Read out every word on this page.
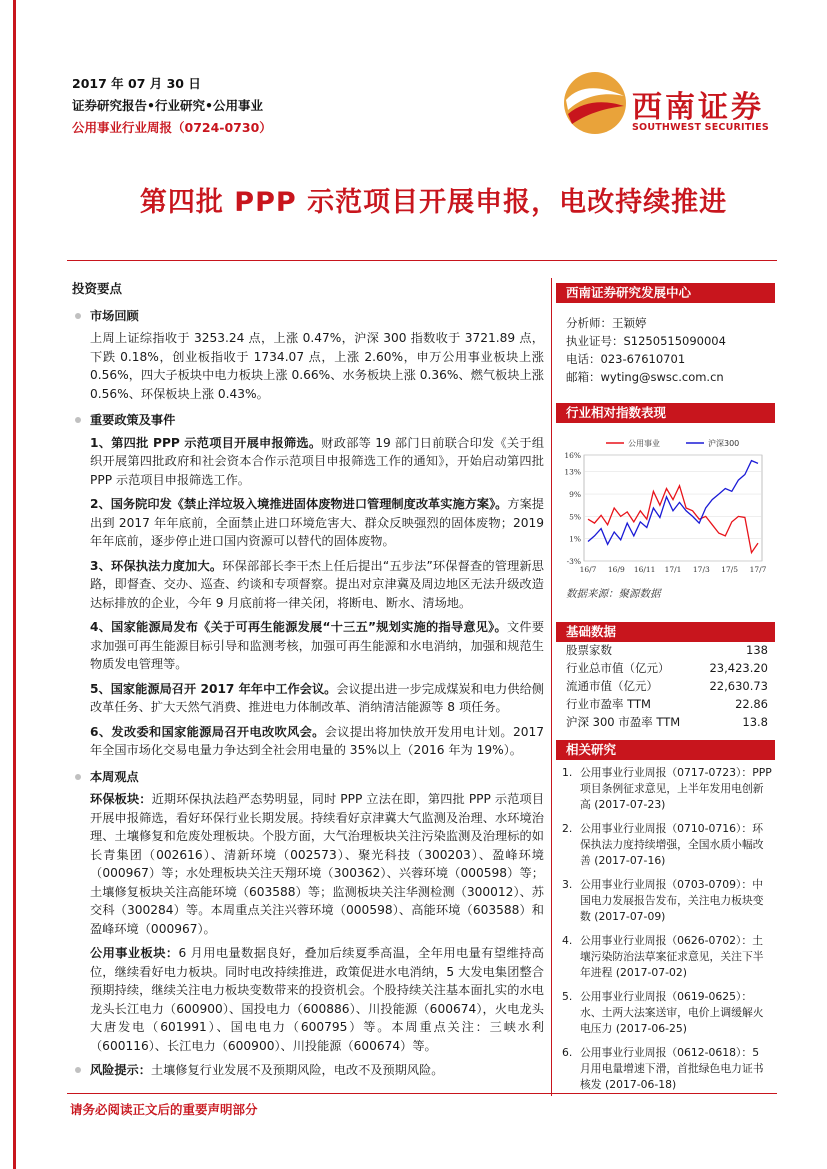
2017 年 07 月 30 日
证券研究报告•行业研究•公用事业
公用事业行业周报（0724-0730）
西南证券
SOUTHWEST SECURITIES
第四批 PPP 示范项目开展申报，电改持续推进
投资要点
市场回顾
上周上证综指收于 3253.24 点，上涨 0.47%，沪深 300 指数收于 3721.89 点，下跌 0.18%，创业板指收于 1734.07 点，上涨 2.60%，申万公用事业板块上涨 0.56%，四大子板块中电力板块上涨 0.66%、水务板块上涨 0.36%、燃气板块上涨 0.56%、环保板块上涨 0.43%。
重要政策及事件
1、第四批 PPP 示范项目开展申报筛选。财政部等 19 部门日前联合印发《关于组织开展第四批政府和社会资本合作示范项目申报筛选工作的通知》，开始启动第四批 PPP 示范项目申报筛选工作。
2、国务院印发《禁止洋垃圾入境推进固体废物进口管理制度改革实施方案》。方案提出到 2017 年年底前，全面禁止进口环境危害大、群众反映强烈的固体废物；2019 年年底前，逐步停止进口国内资源可以替代的固体废物。
3、环保执法力度加大。环保部部长李干杰上任后提出“五步法”环保督查的管理新思路，即督查、交办、巡查、约谈和专项督察。提出对京津冀及周边地区无法升级改造达标排放的企业，今年 9 月底前将一律关闭，将断电、断水、清场地。
4、国家能源局发布《关于可再生能源发展“十三五”规划实施的指导意见》。文件要求加强可再生能源目标引导和监测考核，加强可再生能源和水电消纳，加强和规范生物质发电管理等。
5、国家能源局召开 2017 年年中工作会议。会议提出进一步完成煤炭和电力供给侧改革任务、扩大天然气消费、推进电力体制改革、消纳清洁能源等 8 项任务。
6、发改委和国家能源局召开电改吹风会。会议提出将加快放开发用电计划。2017 年全国市场化交易电量力争达到全社会用电量的 35%以上（2016 年为 19%）。
本周观点
环保板块：近期环保执法趋严态势明显，同时 PPP 立法在即，第四批 PPP 示范项目开展申报筛选，看好环保行业长期发展。持续看好京津冀大气监测及治理、水环境治理、土壤修复和危废处理板块。个股方面，大气治理板块关注污染监测及治理标的如长青集团（002616）、清新环境（002573）、聚光科技（300203）、盈峰环境（000967）等；水处理板块关注天翔环境（300362）、兴蓉环境（000598）等；土壤修复板块关注高能环境（603588）等；监测板块关注华测检测（300012）、苏交科（300284）等。本周重点关注兴蓉环境（000598）、高能环境（603588）和盈峰环境（000967）。
公用事业板块：6 月用电量数据良好，叠加后续夏季高温，全年用电量有望维持高位，继续看好电力板块。同时电改持续推进，政策促进水电消纳，5 大发电集团整合预期持续，继续关注电力板块变数带来的投资机会。个股持续关注基本面扎实的水电龙头长江电力（600900）、国投电力（600886）、川投能源（600674），火电龙头大唐发电（601991）、国电电力（600795）等。本周重点关注：三峡水利（600116）、长江电力（600900）、川投能源（600674）等。
风险提示：土壤修复行业发展不及预期风险，电改不及预期风险。
西南证券研究发展中心
分析师：王颖婷
执业证号：S1250515090004
电话：023-67610701
邮箱：wyting@swsc.com.cn
行业相对指数表现
16%
13%
9%
5%
1%
-3%
16/7 16/9 16/11 17/1 17/3 17/5 17/7
公用事业	沪深300
数据来源：聚源数据
基础数据
股票家数	138
行业总市值（亿元）	23,423.20
流通市值（亿元）	22,630.73
行业市盈率 TTM	22.86
沪深 300 市盈率 TTM	13.8
相关研究
1. 公用事业行业周报（0717-0723）：PPP 项目条例征求意见，上半年发用电创新高 (2017-07-23)
2. 公用事业行业周报（0710-0716）：环保执法力度持续增强，全国水质小幅改善 (2017-07-16)
3. 公用事业行业周报（0703-0709）：中国电力发展报告发布，关注电力板块变数 (2017-07-09)
4. 公用事业行业周报（0626-0702）：土壤污染防治法草案征求意见，关注下半年进程 (2017-07-02)
5. 公用事业行业周报（0619-0625）：水、土两大法案送审，电价上调缓解火电压力 (2017-06-25)
6. 公用事业行业周报（0612-0618）：5 月用电量增速下滑，首批绿色电力证书核发 (2017-06-18)
请务必阅读正文后的重要声明部分
